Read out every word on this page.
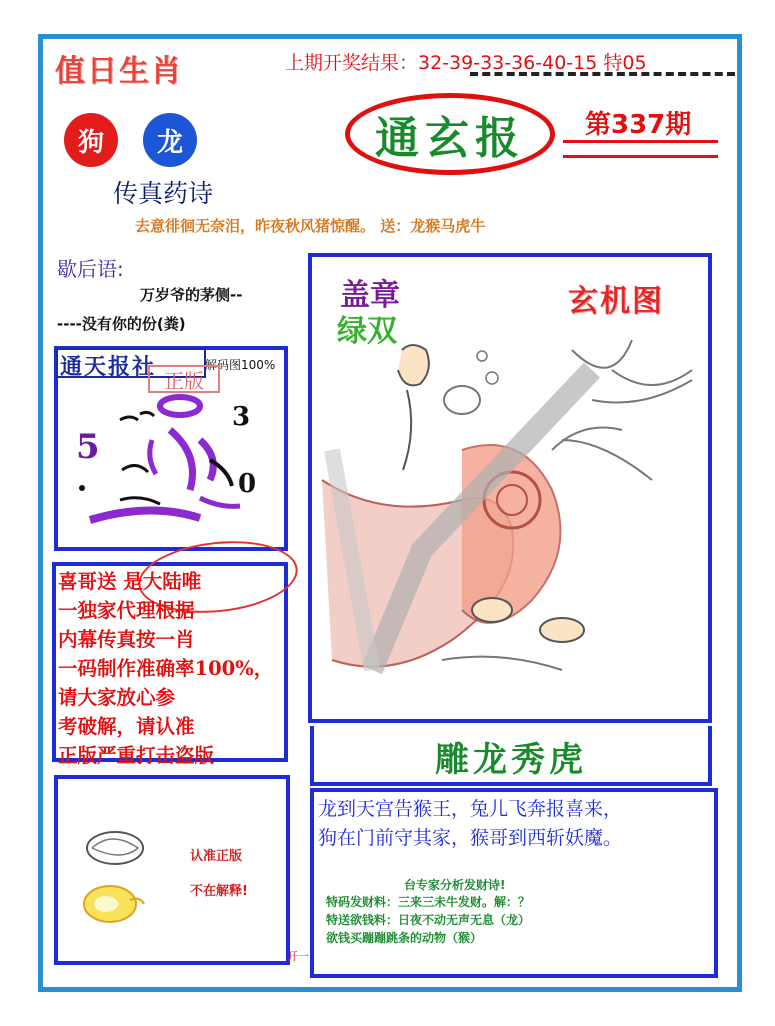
值日生肖	上期开奖结果：32-39-33-36-40-15 特05
通玄报 第337期
狗	龙
传真药诗
去意徘徊无奈泪，昨夜秋风猪惊醒。 送：龙猴马虎牛
歇后语:
万岁爷的茅侧--
----没有你的份(粪)
通天报社	解码图100%
正版
5
3
0
喜哥送 是大陆唯
一独家代理根据
内幕传真按一肖
一码制作准确率100%，请大家放心参
考破解，请认准
正版严重打击盗版
认准正版
不在解释!
开一
盖章
绿双
玄机图
雕龙秀虎
龙到天宫告猴王，兔儿飞奔报喜来，
狗在门前守其家，猴哥到西斩妖魔。
台专家分析发财诗!
特码发财料：三来三未牛发财。解：？
特送欲钱料：日夜不动无声无息（龙）
欲钱买蹦蹦跳条的动物（猴）
